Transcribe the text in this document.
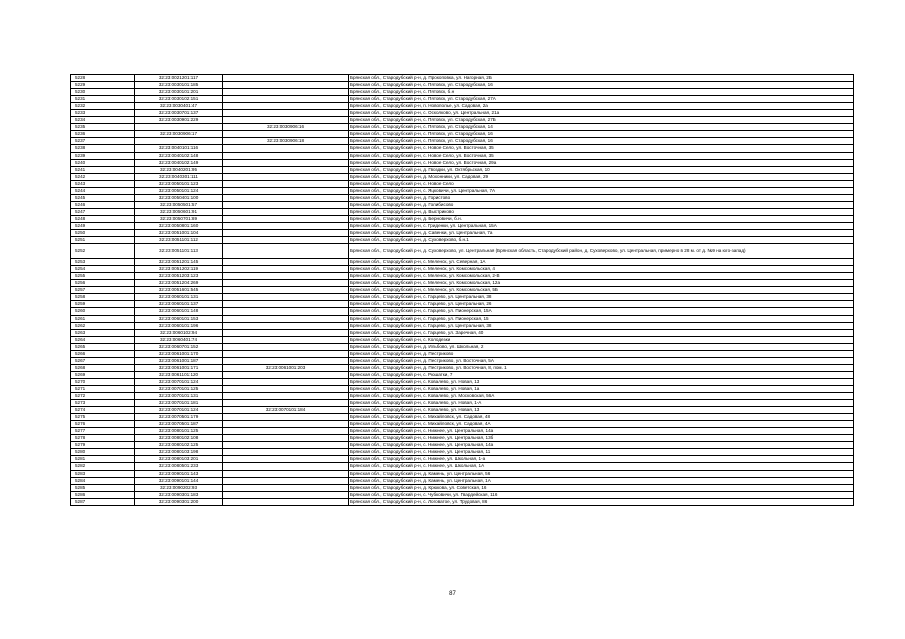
5228	32:23:0021201:117		Брянская обл., Стародубский р-н, д. Прокоповка, ул. Нагорная, 2Б
5229	32:23:0030101:185		Брянская обл., Стародубский р-н, с. Пятовск, ул. Стародубская, 16
5230	32:23:0030101:201		Брянская обл., Стародубский р-н, с. Пятовск, б.н
5231	32:23:0030102:151		Брянская обл., Стародубский р-н, с. Пятовск, ул. Стародубская, 27А
5232	32:23:0030401:47		Брянская обл., Стародубский р-н, п. Новополье, ул. Садовая, 2а
5233	32:23:0030701:137		Брянская обл., Стародубский р-н, с. Осколково, ул. Центральная, 21а
5234	32:23:0030901:229		Брянская обл., Стародубский р-н, с. Пятовск, ул. Стародубская, 27Б
5235		32:23:0030906:16	Брянская обл., Стародубский р-н, с. Пятовск, ул. Стародубская, 14
5236	32:23:0030906:17		Брянская обл., Стародубский р-н, с. Пятовск, ул. Стародубская, 16
5237		32:23:0030906:18	Брянская обл., Стародубский р-н, с. Пятовск, ул. Стародубская, 16
5238	32:23:0040101:116		Брянская обл., Стародубский р-н, с. Новое Село, ул. Восточная, 35
5239	32:23:0040102:148		Брянская обл., Стародубский р-н, с. Новое Село, ул. Восточная, 35
5240	32:23:0040102:149		Брянская обл., Стародубский р-н, с. Новое Село, ул. Восточная, 29а
5241	32:23:0040201:95		Брянская обл., Стародубский р-н, д. Гвоздки, ул. Октябрьская, 10
5242	32:23:0040301:111		Брянская обл., Стародубский р-н, д. Мохонники, ул. Садовая, 29
5243	32:23:0050101:123		Брянская обл., Стародубский р-н, с. Новое Село
5244	32:23:0050101:124		Брянская обл., Стародубский р-н, с. Яцковичи, ул. Центральная, 7А
5245	32:23:0050401:100		Брянская обл., Стародубский р-н, д. Гористово
5246	32:23:0050501:57		Брянская обл., Стародубский р-н, д. Голибисово
5247	32:23:0050601:91		Брянская обл., Стародубский р-н, д. Выстриково
5248	32:23:0050701:89		Брянская обл., Стародубский р-н, д. Берновичи, б.н.
5249	32:23:0050801:160		Брянская обл., Стародубский р-н, с. Гриденки, ул. Центральная, 15А
5250	32:23:0051001:104		Брянская обл., Стародубский р-н, д. Савенки, ул. Центральная, 7а
5251	32:23:0051101:112		Брянская обл., Стародубский р-н, д. Суховерхово, б.н.1
5252	32:23:0051101:113		Брянская обл., Стародубский р-н, д. Суховерхово, ул. Центральная (Брянская область, Стародубский район, д. Суховерхово, ул. Центральная, примерно в 28 м. от д. №9 на юго-запад)
5253	32:23:0051201:145		Брянская обл., Стародубский р-н, с. Меленск, ул. Северная, 1А
5254	32:23:0051202:119		Брянская обл., Стародубский р-н, с. Меленск, ул. Комсомольская, 4
5255	32:23:0051203:123		Брянская обл., Стародубский р-н, с. Меленск, ул. Комсомольская, 2-В
5256	32:23:0051204:269		Брянская обл., Стародубский р-н, с. Меленск, ул. Комсомольская, 12а
5257	32:23:0051601:545		Брянская обл., Стародубский р-н, с. Меленск, ул. Комсомольская, 5Б
5258	32:23:0060101:131		Брянская обл., Стародубский р-н, с. Гарцево, ул. Центральная, 38
5259	32:23:0060101:137		Брянская обл., Стародубский р-н, с. Гарцево, ул. Центральная, 26
5260	32:23:0060101:148		Брянская обл., Стародубский р-н, с. Гарцево, ул. Пионерская, 15А
5261	32:23:0060101:153		Брянская обл., Стародубский р-н, с. Гарцево, ул. Пионерская, 15
5262	32:23:0060101:196		Брянская обл., Стародубский р-н, с. Гарцево, ул. Центральная, 38
5263	32:23:0060102:94		Брянская обл., Стародубский р-н, с. Гарцево, ул. Заречная, 40
5264	32:23:0060401:74		Брянская обл., Стародубский р-н, с. Колодезки
5265	32:23:0060701:152		Брянская обл., Стародубский р-н, д. Ильбово, ул. Школьная, 2
5266	32:23:0061001:170		Брянская обл., Стародубский р-н, д. Пестриково
5267	32:23:0061001:187		Брянская обл., Стародубский р-н, д. Пестриково, ул. Восточная, 5А
5268	32:23:0061001:171	32:23:0061001:203	Брянская обл., Стародубский р-н, д. Пестриково, ул. Восточная, 8, пом. 1
5269	32:23:0061101:120		Брянская обл., Стародубский р-н, с. Рюшатки, 7
5270	32:23:0070101:124		Брянская обл., Стародубский р-н, с. Ковалево, ул. Новая, 13
5271	32:23:0070101:125		Брянская обл., Стародубский р-н, с. Ковалево, ул. Новая, 1а
5272	32:23:0070101:131		Брянская обл., Стародубский р-н, с. Ковалево, ул. Московская, 56А
5273	32:23:0070101:181		Брянская обл., Стародубский р-н, с. Ковалево, ул. Новая, 1-А
5274	32:23:0070101:124	32:23:0070101:184	Брянская обл., Стародубский р-н, с. Ковалево, ул. Новая, 13
5275	32:23:0070501:179		Брянская обл., Стародубский р-н, с. Михайловск, ул. Садовая, 48
5276	32:23:0070501:187		Брянская обл., Стародубский р-н, с. Михайловск, ул. Садовая, 4А
5277	32:23:0080101:125		Брянская обл., Стародубский р-н, с. Нижнее, ул. Центральная, 14а
5278	32:23:0080102:108		Брянская обл., Стародубский р-н, с. Нижнее, ул. Центральная, 13б
5279	32:23:0080102:125		Брянская обл., Стародубский р-н, с. Нижнее, ул. Центральная, 14а
5280	32:23:0080103:198		Брянская обл., Стародубский р-н, с. Нижнее, ул. Центральная, 11
5281	32:23:0080103:201		Брянская обл., Стародубский р-н, с. Нижнее, ул. Школьная, 1-а
5282	32:23:0080501:233		Брянская обл., Стародубский р-н, с. Нижнее, ул. Школьная, 1А
5283	32:23:0090101:143		Брянская обл., Стародубский р-н, д. Камень, ул. Центральная, 56
5284	32:23:0090101:144		Брянская обл., Стародубский р-н, д. Камень, ул. Центральная, 1А
5285	32:23:0090202:93		Брянская обл., Стародубский р-н, д. Крюкова, ул. Советская, 16
5286	32:23:0090301:183		Брянская обл., Стародубский р-н, с. Чубковичи, ул. Гвардейская, 116
5287	32:23:0090301:200		Брянская обл., Стародубский р-н, с. Логоватое, ул. Трудовая, 86
87
